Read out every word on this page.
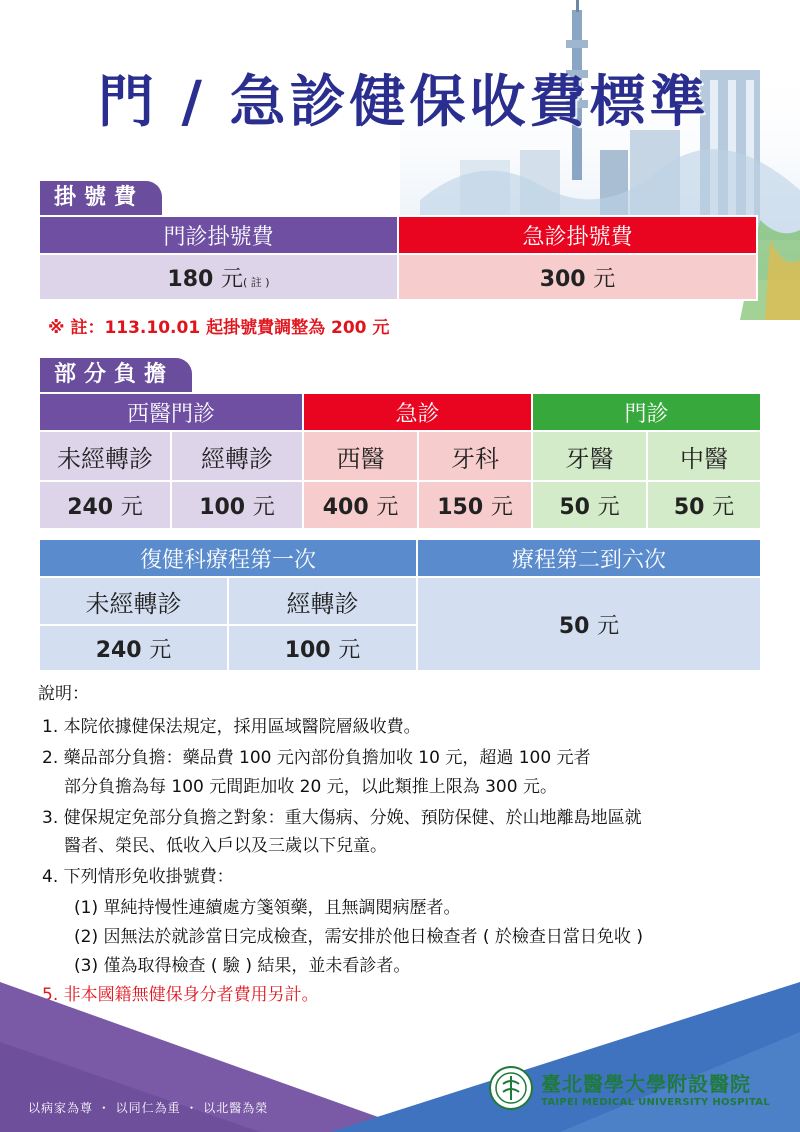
門 / 急診健保收費標準
掛號費
門診掛號費	急診掛號費
180 元( 註 )	300 元
※ 註：113.10.01 起掛號費調整為 200 元
部分負擔
西醫門診		急診		門診	
未經轉診	經轉診	西醫	牙科	牙醫	中醫
240 元	100 元	400 元	150 元	50 元	50 元
復健科療程第一次		療程第二到六次
未經轉診	經轉診	50 元
240 元	100 元	
說明：
1. 本院依據健保法規定，採用區域醫院層級收費。
2. 藥品部分負擔：藥品費 100 元內部份負擔加收 10 元，超過 100 元者
部分負擔為每 100 元間距加收 20 元，以此類推上限為 300 元。
3. 健保規定免部分負擔之對象：重大傷病、分娩、預防保健、於山地離島地區就
醫者、榮民、低收入戶以及三歲以下兒童。
4. 下列情形免收掛號費：
(1) 單純持慢性連續處方箋領藥，且無調閱病歷者。
(2) 因無法於就診當日完成檢查，需安排於他日檢查者 ( 於檢查日當日免收 )
(3) 僅為取得檢查 ( 驗 ) 結果，並未看診者。
5. 非本國籍無健保身分者費用另計。
以病家為尊 ・ 以同仁為重 ・ 以北醫為榮
臺北醫學大學附設醫院
TAIPEI MEDICAL UNIVERSITY HOSPITAL
